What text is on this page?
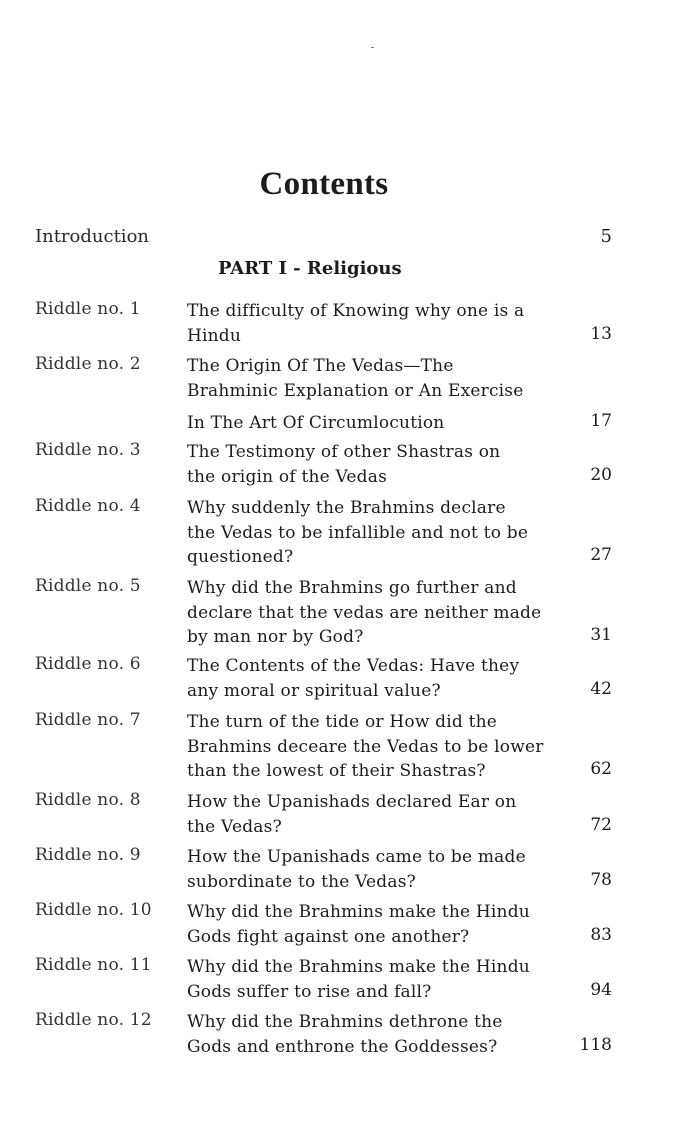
Contents
Introduction	5
PART I - Religious
Riddle no. 1	The difficulty of Knowing why one is a
Hindu	13
Riddle no. 2	The Origin Of The Vedas—The
Brahminic Explanation or An Exercise
In The Art Of Circumlocution	17
Riddle no. 3	The Testimony of other Shastras on
the origin of the Vedas	20
Riddle no. 4	Why suddenly the Brahmins declare
the Vedas to be infallible and not to be
questioned?	27
Riddle no. 5	Why did the Brahmins go further and
declare that the vedas are neither made
by man nor by God?	31
Riddle no. 6	The Contents of the Vedas: Have they
any moral or spiritual value?	42
Riddle no. 7	The turn of the tide or How did the
Brahmins deceare the Vedas to be lower
than the lowest of their Shastras?	62
Riddle no. 8	How the Upanishads declared Ear on
the Vedas?	72
Riddle no. 9	How the Upanishads came to be made
subordinate to the Vedas?	78
Riddle no. 10 Why did the Brahmins make the Hindu
Gods fight against one another?	83
Riddle no. 11 Why did the Brahmins make the Hindu
Gods suffer to rise and fall?	94
Riddle no. 12 Why did the Brahmins dethrone the
Gods and enthrone the Goddesses?	118
